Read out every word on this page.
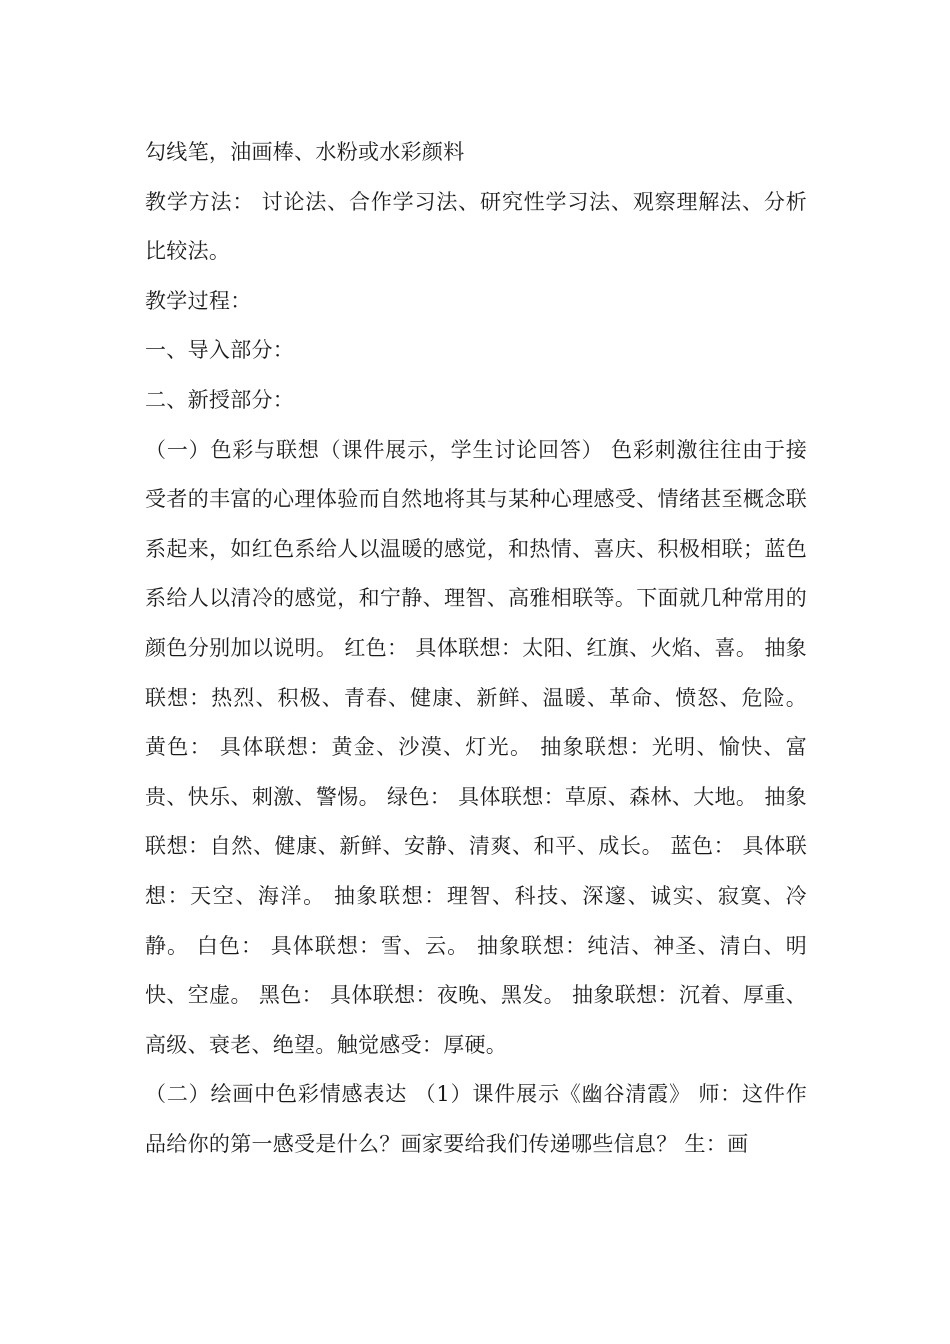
勾线笔，油画棒、水粉或水彩颜料

教学方法： 讨论法、合作学习法、研究性学习法、观察理解法、分析比较法。

教学过程：

一、导入部分：

二、新授部分：

（一）色彩与联想（课件展示，学生讨论回答） 色彩刺激往往由于接受者的丰富的心理体验而自然地将其与某种心理感受、情绪甚至概念联系起来，如红色系给人以温暖的感觉，和热情、喜庆、积极相联；蓝色系给人以清冷的感觉，和宁静、理智、高雅相联等。下面就几种常用的颜色分别加以说明。 红色： 具体联想：太阳、红旗、火焰、喜。 抽象联想：热烈、积极、青春、健康、新鲜、温暖、革命、愤怒、危险。 黄色： 具体联想：黄金、沙漠、灯光。 抽象联想：光明、愉快、富贵、快乐、刺激、警惕。 绿色： 具体联想：草原、森林、大地。 抽象联想：自然、健康、新鲜、安静、清爽、和平、成长。 蓝色： 具体联想：天空、海洋。 抽象联想：理智、科技、深邃、诚实、寂寞、冷静。 白色： 具体联想：雪、云。 抽象联想：纯洁、神圣、清白、明快、空虚。 黑色： 具体联想：夜晚、黑发。 抽象联想：沉着、厚重、高级、衰老、绝望。触觉感受：厚硬。

（二）绘画中色彩情感表达 （1）课件展示《幽谷清霞》 师：这件作品给你的第一感受是什么？画家要给我们传递哪些信息？ 生：画
